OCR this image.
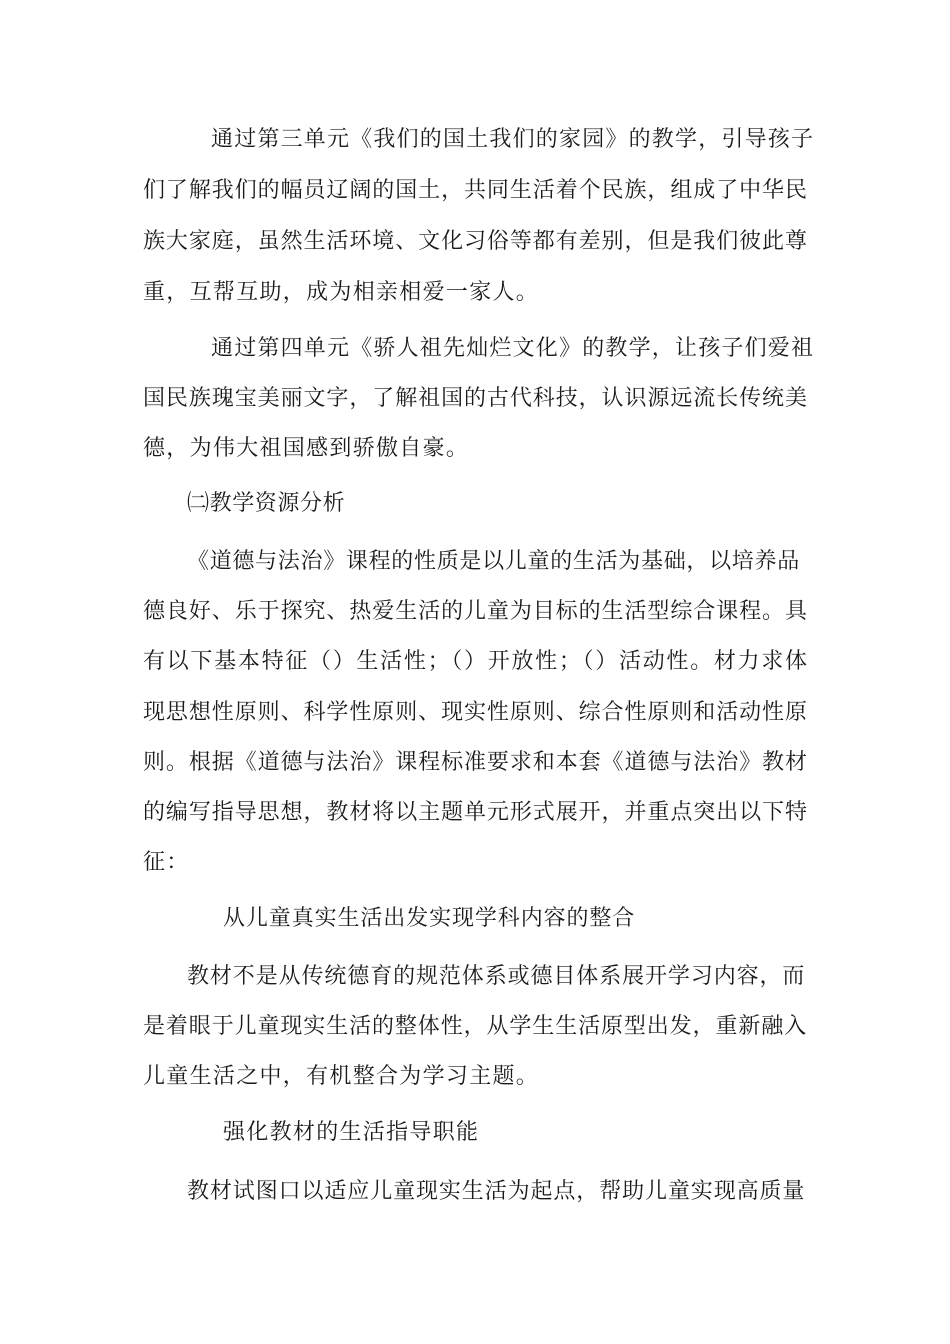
通过第三单元《我们的国土我们的家园》的教学，引导孩子
们了解我们的幅员辽阔的国土，共同生活着个民族，组成了中华民
族大家庭，虽然生活环境、文化习俗等都有差别，但是我们彼此尊
重，互帮互助，成为相亲相爱一家人。
通过第四单元《骄人祖先灿烂文化》的教学，让孩子们爱祖
国民族瑰宝美丽文字，了解祖国的古代科技，认识源远流长传统美
德，为伟大祖国感到骄傲自豪。
㈡教学资源分析
《道德与法治》课程的性质是以儿童的生活为基础，以培养品
德良好、乐于探究、热爱生活的儿童为目标的生活型综合课程。具
有以下基本特征（）生活性；（）开放性；（）活动性。材力求体
现思想性原则、科学性原则、现实性原则、综合性原则和活动性原
则。根据《道德与法治》课程标准要求和本套《道德与法治》教材
的编写指导思想，教材将以主题单元形式展开，并重点突出以下特
征：
从儿童真实生活出发实现学科内容的整合
教材不是从传统德育的规范体系或德目体系展开学习内容，而
是着眼于儿童现实生活的整体性，从学生生活原型出发，重新融入
儿童生活之中，有机整合为学习主题。
强化教材的生活指导职能
教材试图口以适应儿童现实生活为起点，帮助儿童实现高质量
